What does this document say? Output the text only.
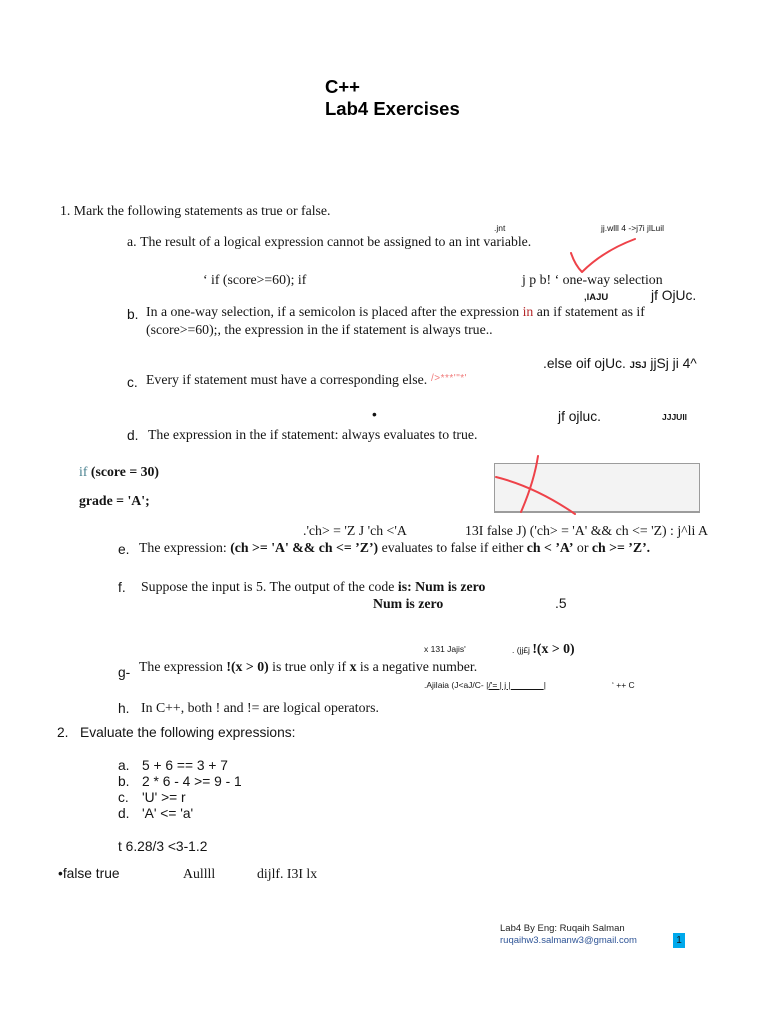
C++
Lab4 Exercises
1. Mark the following statements as true or false.
.jnt	jj.wlll 4 ->j7i jlLuil
a. The result of a logical expression cannot be assigned to an int variable.
‘ if (score>=60); if	j p b! ‘ one-way selection
,lAJU	jf OjUc.
b. In a one-way selection, if a semicolon is placed after the expression in an if statement as if
(score>=60);, the expression in the if statement is always true..
.else oif ojUc. JSJ jjSj ji 4^
c. Every if statement must have a corresponding else. />***'"*'
•	jf ojluc.	JJJUll
d. The expression in the if statement: always evaluates to true.
if (score = 30)
grade = 'A';
.'ch> = 'Z J 'ch <'A	13I false J) ('ch> = 'A' && ch <= 'Z) : j^li A
e. The expression: (ch >= 'A' && ch <= ’Z’) evaluates to false if either ch < ’A’ or ch >= ’Z’.
f. Suppose the input is 5. The output of the code is: Num is zero
Num is zero	.5
x 131 Jajis'	. (jj£j !(x > 0)
g- The expression !(x > 0) is true only if x is a negative number.
.Ajilaia (J<aJ/C- |/'= | j |_______|	‘ ++ C
h. In C++, both ! and != are logical operators.
2. Evaluate the following expressions:
a. 5 + 6 == 3 + 7
b. 2 * 6 - 4 >= 9 - 1
c. 'U' >= r
d. 'A' <= 'a'
t 6.28/3 <3-1.2
•false true	Aullll	dijlf. I3I lx
Lab4 By Eng: Ruqaih Salman
ruqaihw3.salmanw3@gmail.com	1
